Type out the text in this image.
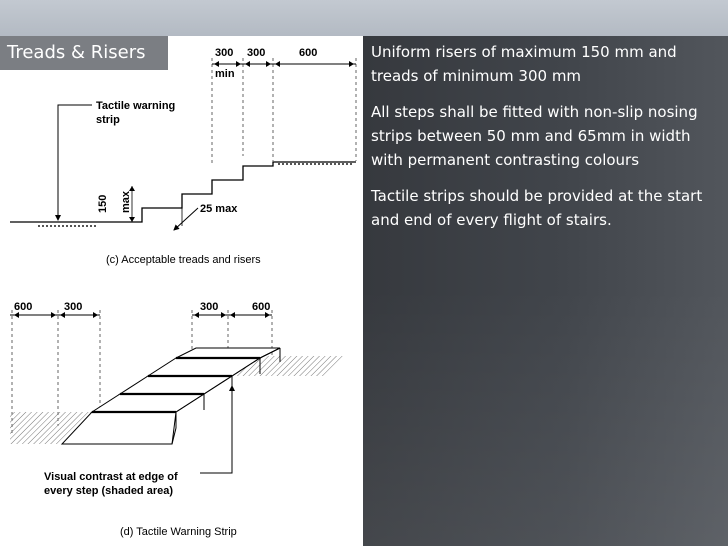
300 300	600
min
Tactile warning
strip
150 max	25 max
(c) Acceptable treads and risers
600	300	300	600
Visual contrast at edge of
every step (shaded area)
(d) Tactile Warning Strip
Treads & Risers	Uniform risers of maximum 150 mm and treads of minimum 300 mm

All steps shall be fitted with non-slip nosing strips between 50 mm and 65mm in width with permanent contrasting colours

Tactile strips should be provided at the start and end of every flight of stairs.
